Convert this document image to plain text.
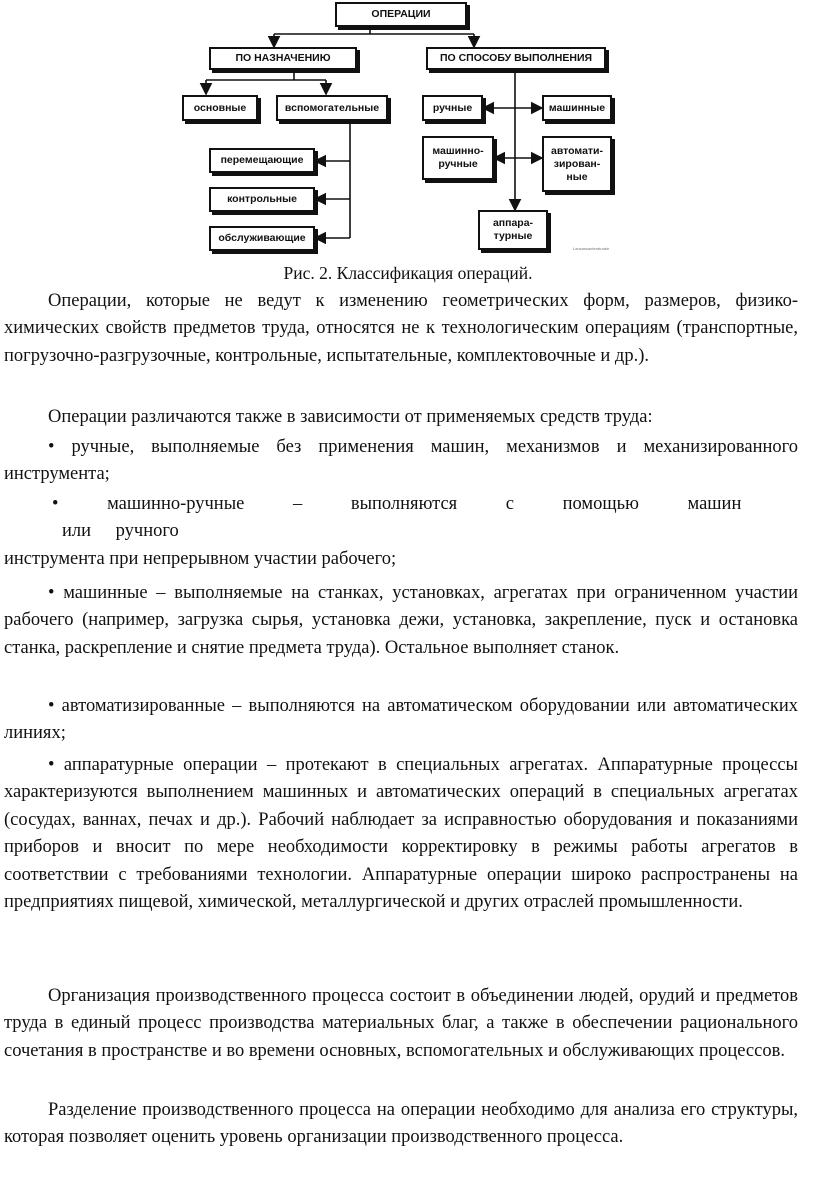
ОПЕРАЦИИ
ПО НАЗНАЧЕНИЮ	ПО СПОСОБУ ВЫПОЛНЕНИЯ
основные	вспомогательные
перемещающие
контрольные
обслуживающие
ручные	машинные
машинно-
ручные
автомати-
зирован-
ные
аппара-
турные
Lanzassanteraturale
Рис. 2. Классификация операций.

Операции, которые не ведут к изменению геометрических форм, размеров, физико-химических свойств предметов труда, относятся не к технологическим операциям (транспортные, погрузочно-разгрузочные, контрольные, испытательные, комплектовочные и др.).

Операции различаются также в зависимости от применяемых средств труда:

• ручные, выполняемые без применения машин, механизмов и механизированного инструмента;

• машинно-ручные – выполняются с помощью машин
или ручного
инструмента при непрерывном участии рабочего;

• машинные – выполняемые на станках, установках, агрегатах при ограниченном участии рабочего (например, загрузка сырья, установка дежи, установка, закрепление, пуск и остановка станка, раскрепление и снятие предмета труда). Остальное выполняет станок.

• автоматизированные – выполняются на автоматическом оборудовании или автоматических линиях;

• аппаратурные операции – протекают в специальных агрегатах. Аппаратурные процессы характеризуются выполнением машинных и автоматических операций в специальных агрегатах (сосудах, ваннах, печах и др.). Рабочий наблюдает за исправностью оборудования и показаниями приборов и вносит по мере необходимости корректировку в режимы работы агрегатов в соответствии с требованиями технологии. Аппаратурные операции широко распространены на предприятиях пищевой, химической, металлургической и других отраслей промышленности.

Организация производственного процесса состоит в объединении людей, орудий и предметов труда в единый процесс производства материальных благ, а также в обеспечении рационального сочетания в пространстве и во времени основных, вспомогательных и обслуживающих процессов.

Разделение производственного процесса на операции необходимо для анализа его структуры, которая позволяет оценить уровень организации производственного процесса.
